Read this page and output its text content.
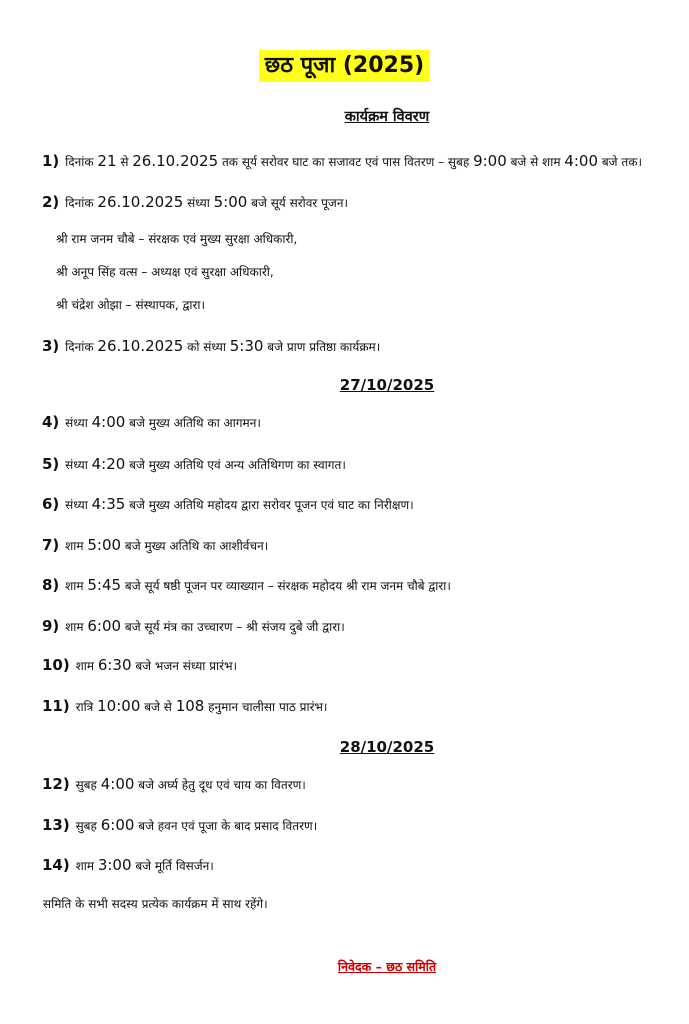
छठ पूजा (2025)
कार्यक्रम विवरण
1) दिनांक 21 से 26.10.2025 तक सूर्य सरोवर घाट का सजावट एवं पास वितरण – सुबह 9:00 बजे से शाम 4:00 बजे तक।
2) दिनांक 26.10.2025 संध्या 5:00 बजे सूर्य सरोवर पूजन।
श्री राम जनम चौबे – संरक्षक एवं मुख्य सुरक्षा अधिकारी,
श्री अनूप सिंह वत्स – अध्यक्ष एवं सुरक्षा अधिकारी,
श्री चंद्रेश ओझा – संस्थापक, द्वारा।
3) दिनांक 26.10.2025 को संध्या 5:30 बजे प्राण प्रतिष्ठा कार्यक्रम।
27/10/2025
4) संध्या 4:00 बजे मुख्य अतिथि का आगमन।
5) संध्या 4:20 बजे मुख्य अतिथि एवं अन्य अतिथिगण का स्वागत।
6) संध्या 4:35 बजे मुख्य अतिथि महोदय द्वारा सरोवर पूजन एवं घाट का निरीक्षण।
7) शाम 5:00 बजे मुख्य अतिथि का आशीर्वचन।
8) शाम 5:45 बजे सूर्य षष्ठी पूजन पर व्याख्यान – संरक्षक महोदय श्री राम जनम चौबे द्वारा।
9) शाम 6:00 बजे सूर्य मंत्र का उच्चारण – श्री संजय दुबे जी द्वारा।
10) शाम 6:30 बजे भजन संध्या प्रारंभ।
11) रात्रि 10:00 बजे से 108 हनुमान चालीसा पाठ प्रारंभ।
28/10/2025
12) सुबह 4:00 बजे अर्घ्य हेतु दूध एवं चाय का वितरण।
13) सुबह 6:00 बजे हवन एवं पूजा के बाद प्रसाद वितरण।
14) शाम 3:00 बजे मूर्ति विसर्जन।
समिति के सभी सदस्य प्रत्येक कार्यक्रम में साथ रहेंगे।
निवेदक – छठ समिति
